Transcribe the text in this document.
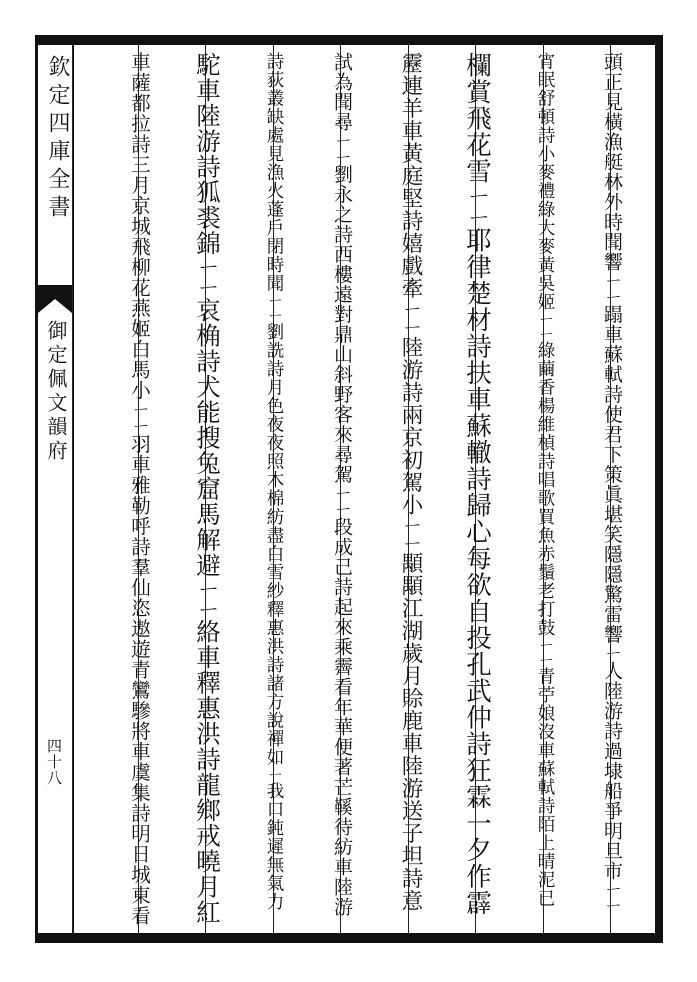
欽定四庫全書
御定佩文韻府
四十八	頭正見橫漁艇林外時聞響ㄧㄧ蹋車蘇軾詩使君下策眞堪笑隱隱驚雷響ㄧ人陸游詩過埭船爭明旦市ㄧㄧ
宵眠舒頓詩小麥禮綠大麥黃吳姬ㄧㄧ綠繭香楊維楨詩唱歌買魚赤鬚老打鼓ㄧㄧ青苧娘沒車蘇軾詩陌上晴泥已
欄賞飛花雪ㄧㄧ耶律楚材詩扶車蘇轍詩歸心每欲自投孔武仲詩狂霖一夕作霹
靂連羊車黃庭堅詩嬉戲牽ㄧㄧ陸游詩兩京初駕小ㄧㄧ顒顒江湖歲月賒鹿車陸游送子坦詩意
試為聞尋ㄧㄧ劉永之詩西樓遠對鼎山斜野客來尋駕ㄧㄧ段成己詩起來乘霽看年華便著芒鞵待紡車陸游
詩荻叢缺處見漁火蓬戶閉時聞ㄧㄧ劉詵詩月色夜夜照木棉紡盡白雪紗釋惠洪詩諸方說禪如ㄧ我口鈍遲無氣力
駝車陸游詩狐裘錦ㄧㄧ哀桷詩犬能搜兔窟馬解避ㄧㄧ絡車釋惠洪詩龍鄉戒曉月紅
車薩都拉詩三月京城飛柳花燕姬白馬小ㄧㄧ羽車雅勒呼詩羣仙恣遨遊青鸞驂將車虞集詩明日城東看
